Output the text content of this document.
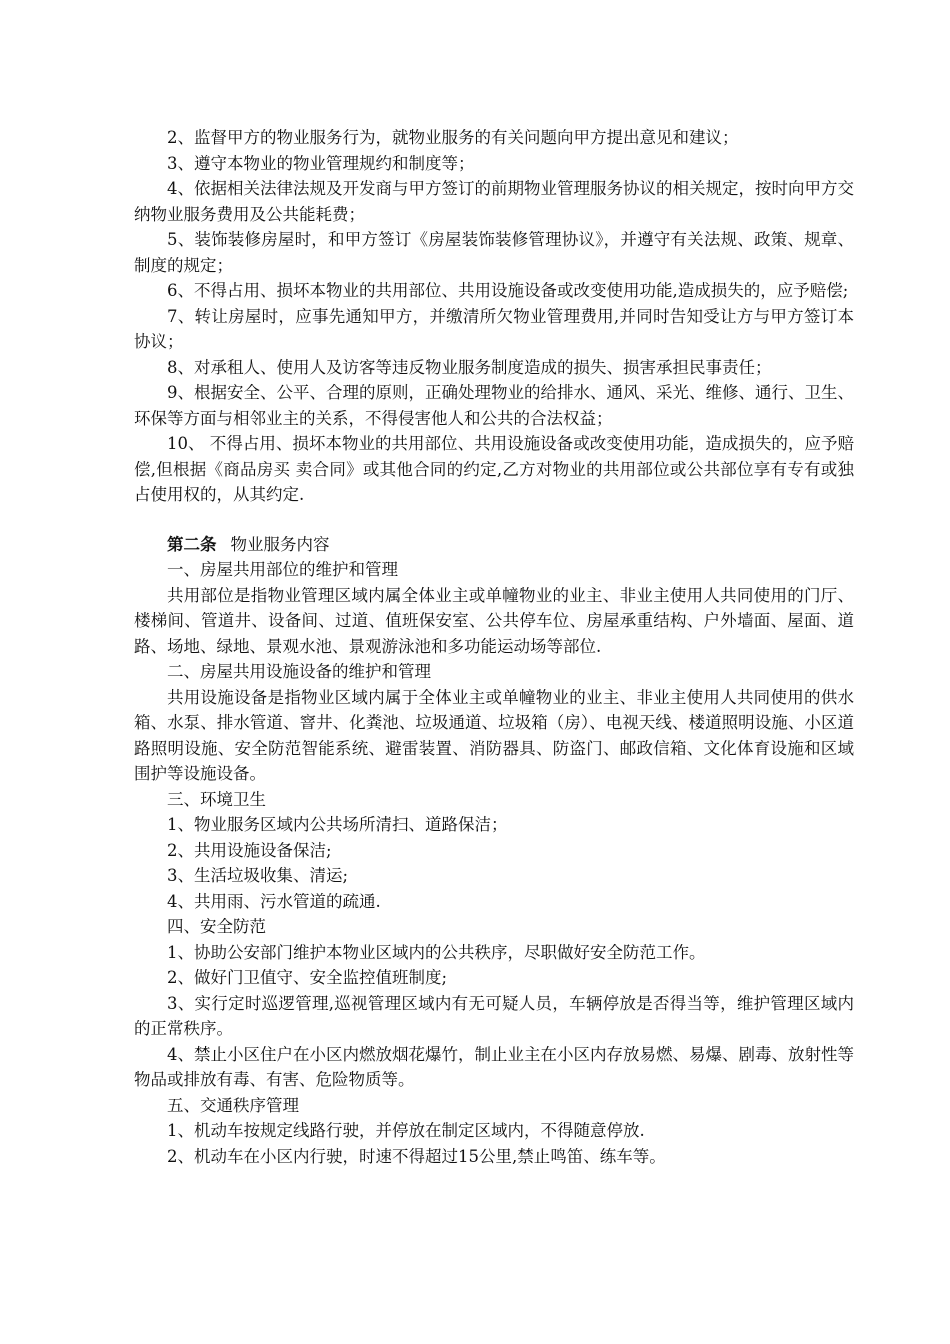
2、监督甲方的物业服务行为，就物业服务的有关问题向甲方提出意见和建议；

3、遵守本物业的物业管理规约和制度等；

4、依据相关法律法规及开发商与甲方签订的前期物业管理服务协议的相关规定，按时向甲方交纳物业服务费用及公共能耗费；

5、装饰装修房屋时，和甲方签订《房屋装饰装修管理协议》，并遵守有关法规、政策、规章、制度的规定；

6、不得占用、损坏本物业的共用部位、共用设施设备或改变使用功能,造成损失的，应予赔偿;

7、转让房屋时，应事先通知甲方，并缴清所欠物业管理费用,并同时告知受让方与甲方签订本协议；

8、对承租人、使用人及访客等违反物业服务制度造成的损失、损害承担民事责任；

9、根据安全、公平、合理的原则，正确处理物业的给排水、通风、采光、维修、通行、卫生、环保等方面与相邻业主的关系，不得侵害他人和公共的合法权益；

10、 不得占用、损坏本物业的共用部位、共用设施设备或改变使用功能，造成损失的，应予赔偿,但根据《商品房买 卖合同》或其他合同的约定,乙方对物业的共用部位或公共部位享有专有或独占使用权的，从其约定.

第二条 物业服务内容

一、房屋共用部位的维护和管理

共用部位是指物业管理区域内属全体业主或单幢物业的业主、非业主使用人共同使用的门厅、楼梯间、管道井、设备间、过道、值班保安室、公共停车位、房屋承重结构、户外墙面、屋面、道路、场地、绿地、景观水池、景观游泳池和多功能运动场等部位.

二、房屋共用设施设备的维护和管理

共用设施设备是指物业区域内属于全体业主或单幢物业的业主、非业主使用人共同使用的供水箱、水泵、排水管道、窨井、化粪池、垃圾通道、垃圾箱（房）、电视天线、楼道照明设施、小区道路照明设施、安全防范智能系统、避雷装置、消防器具、防盗门、邮政信箱、文化体育设施和区域围护等设施设备。

三、环境卫生

1、物业服务区域内公共场所清扫、道路保洁；

2、共用设施设备保洁;

3、生活垃圾收集、清运;

4、共用雨、污水管道的疏通.

四、安全防范

1、协助公安部门维护本物业区域内的公共秩序，尽职做好安全防范工作。

2、做好门卫值守、安全监控值班制度;

3、实行定时巡逻管理,巡视管理区域内有无可疑人员，车辆停放是否得当等，维护管理区域内的正常秩序。

4、禁止小区住户在小区内燃放烟花爆竹，制止业主在小区内存放易燃、易爆、剧毒、放射性等物品或排放有毒、有害、危险物质等。

五、交通秩序管理

1、机动车按规定线路行驶，并停放在制定区域内，不得随意停放.

2、机动车在小区内行驶，时速不得超过15公里,禁止鸣笛、练车等。
